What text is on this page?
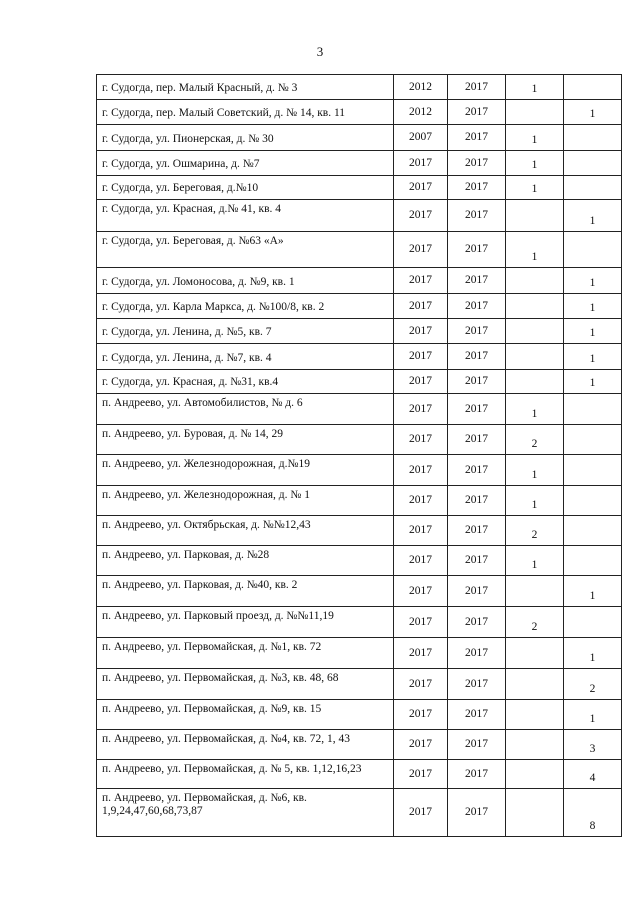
3
г. Судогда, пер. Малый Красный, д. № 3	2012	2017	1	
г. Судогда, пер. Малый Советский, д. № 14, кв. 11	2012	2017		1
г. Судогда, ул. Пионерская, д. № 30	2007	2017	1	
г. Судогда, ул. Ошмарина, д. №7	2017	2017	1	
г. Судогда, ул. Береговая, д.№10	2017	2017	1	
г. Судогда, ул. Красная, д.№ 41, кв. 4	2017	2017		1
г. Судогда, ул. Береговая, д. №63 «А»	2017	2017	1	
г. Судогда, ул. Ломоносова, д. №9, кв. 1	2017	2017		1
г. Судогда, ул. Карла Маркса, д. №100/8, кв. 2	2017	2017		1
г. Судогда, ул. Ленина, д. №5, кв. 7	2017	2017		1
г. Судогда, ул. Ленина, д. №7, кв. 4	2017	2017		1
г. Судогда, ул. Красная, д. №31, кв.4	2017	2017		1
п. Андреево, ул. Автомобилистов, № д. 6	2017	2017	1	
п. Андреево, ул. Буровая, д. № 14, 29	2017	2017	2	
п. Андреево, ул. Железнодорожная, д.№19	2017	2017	1	
п. Андреево, ул. Железнодорожная, д. № 1	2017	2017	1	
п. Андреево, ул. Октябрьская, д. №№12,43	2017	2017	2	
п. Андреево, ул. Парковая, д. №28	2017	2017	1	
п. Андреево, ул. Парковая, д. №40, кв. 2	2017	2017		1
п. Андреево, ул. Парковый проезд, д. №№11,19	2017	2017	2	
п. Андреево, ул. Первомайская, д. №1, кв. 72	2017	2017		1
п. Андреево, ул. Первомайская, д. №3, кв. 48, 68	2017	2017		2
п. Андреево, ул. Первомайская, д. №9, кв. 15	2017	2017		1
п. Андреево, ул. Первомайская, д. №4, кв. 72, 1, 43	2017	2017		3
п. Андреево, ул. Первомайская, д. № 5, кв. 1,12,16,23	2017	2017		4
п. Андреево, ул. Первомайская, д. №6, кв. 1,9,24,47,60,68,73,87	2017	2017		8
